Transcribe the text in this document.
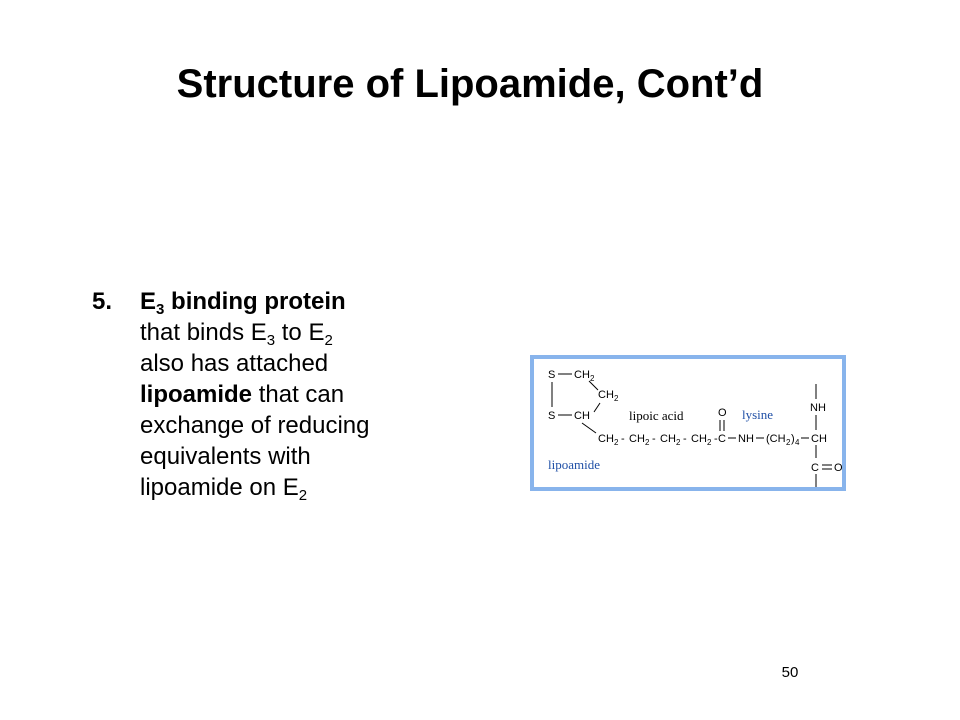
Structure of Lipoamide, Cont’d
5. $E_3$ binding protein
that binds $E_3$ to $E_2$
also has attached
lipoamide that can
exchange of reducing
equivalents with
lipoamide on $E_2$
S CH 2
CH 2
S CH	lipoic acid	lysine
lipoamide
CH 2 - CH 2 - CH 2 - CH 2 -
O
C NH (CH 2 ) 4 CH
NH
C O
50
